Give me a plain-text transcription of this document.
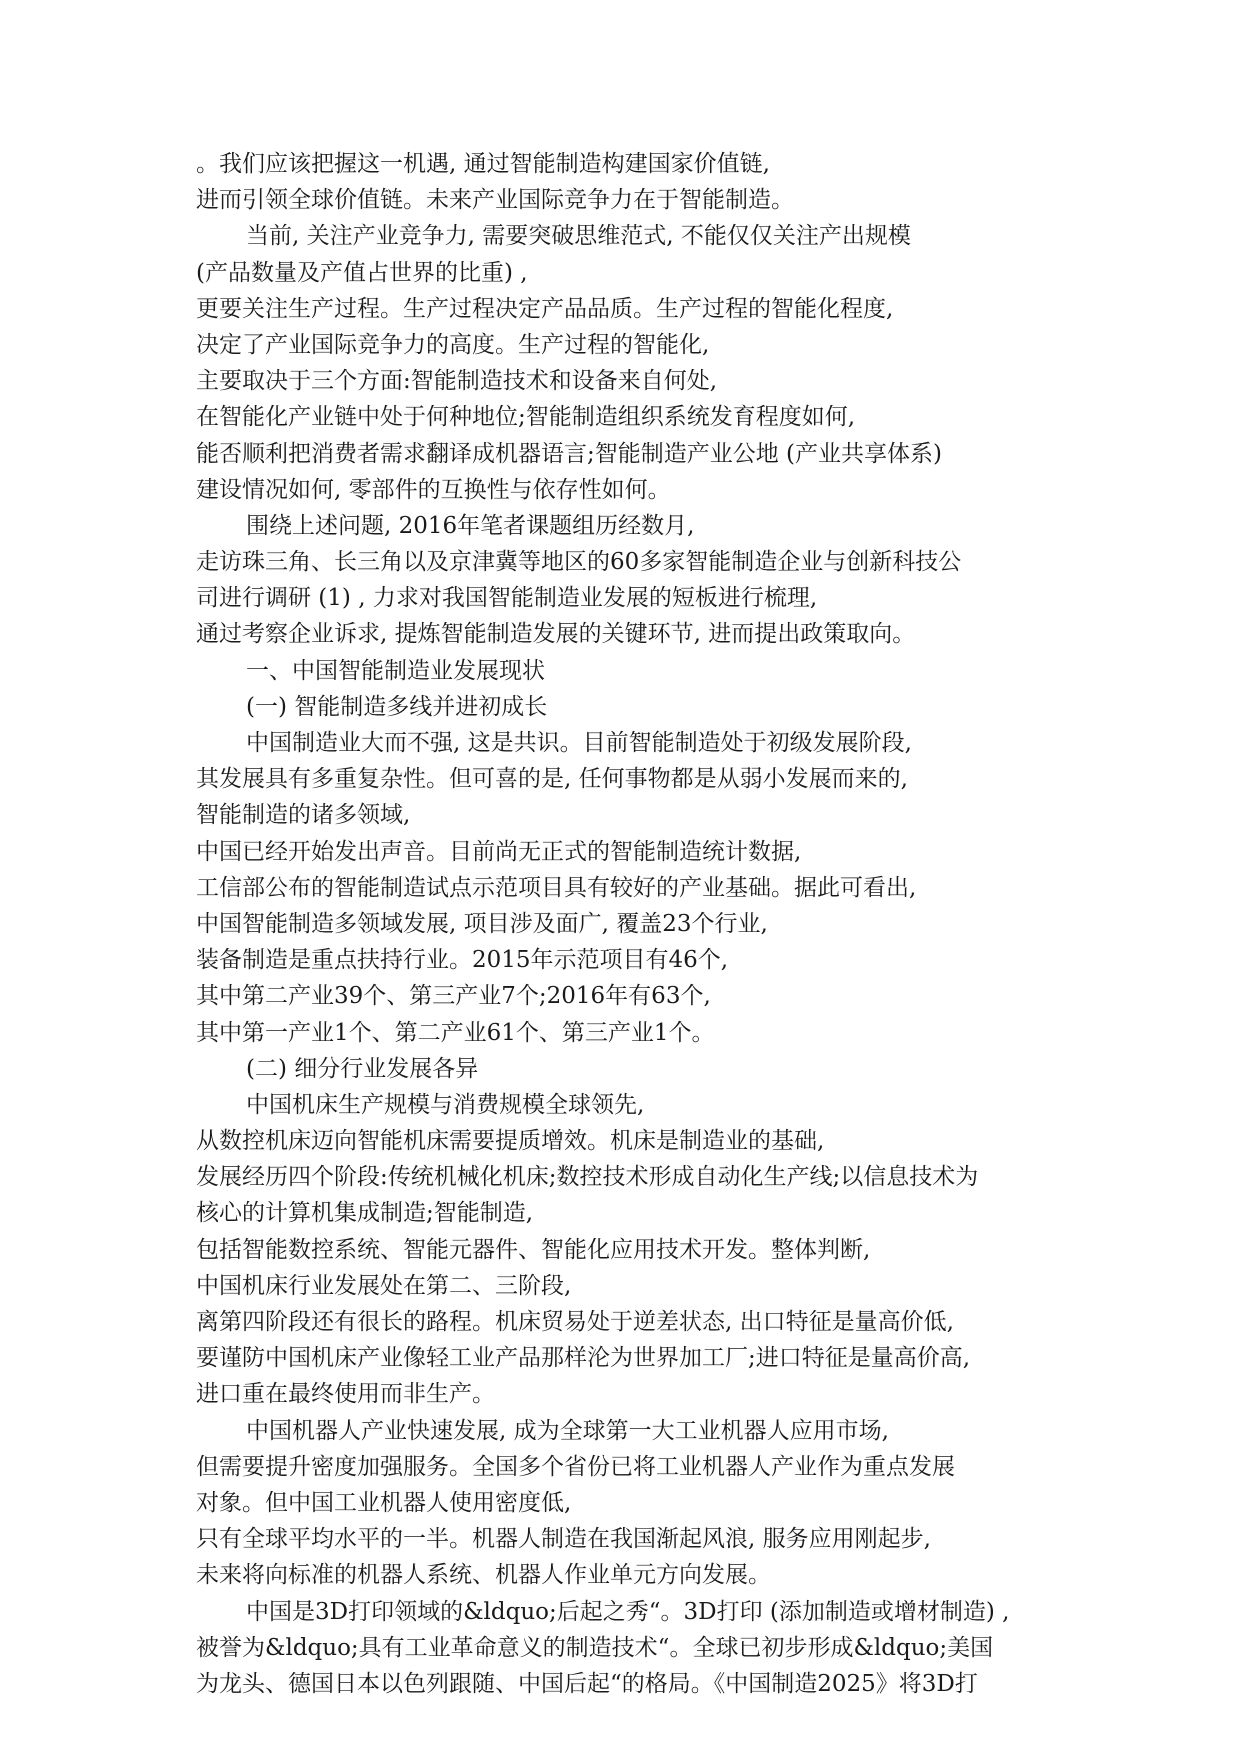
。我们应该把握这一机遇, 通过智能制造构建国家价值链,
进而引领全球价值链。未来产业国际竞争力在于智能制造。
当前, 关注产业竞争力, 需要突破思维范式, 不能仅仅关注产出规模
(产品数量及产值占世界的比重) ,
更要关注生产过程。生产过程决定产品品质。生产过程的智能化程度,
决定了产业国际竞争力的高度。生产过程的智能化,
主要取决于三个方面:智能制造技术和设备来自何处,
在智能化产业链中处于何种地位;智能制造组织系统发育程度如何,
能否顺利把消费者需求翻译成机器语言;智能制造产业公地 (产业共享体系)
建设情况如何, 零部件的互换性与依存性如何。
围绕上述问题, 2016年笔者课题组历经数月,
走访珠三角、长三角以及京津冀等地区的60多家智能制造企业与创新科技公
司进行调研 (1) , 力求对我国智能制造业发展的短板进行梳理,
通过考察企业诉求, 提炼智能制造发展的关键环节, 进而提出政策取向。
一、中国智能制造业发展现状
(一) 智能制造多线并进初成长
中国制造业大而不强, 这是共识。目前智能制造处于初级发展阶段,
其发展具有多重复杂性。但可喜的是, 任何事物都是从弱小发展而来的,
智能制造的诸多领域,
中国已经开始发出声音。目前尚无正式的智能制造统计数据,
工信部公布的智能制造试点示范项目具有较好的产业基础。据此可看出,
中国智能制造多领域发展, 项目涉及面广, 覆盖23个行业,
装备制造是重点扶持行业。2015年示范项目有46个,
其中第二产业39个、第三产业7个;2016年有63个,
其中第一产业1个、第二产业61个、第三产业1个。
(二) 细分行业发展各异
中国机床生产规模与消费规模全球领先,
从数控机床迈向智能机床需要提质增效。机床是制造业的基础,
发展经历四个阶段:传统机械化机床;数控技术形成自动化生产线;以信息技术为
核心的计算机集成制造;智能制造,
包括智能数控系统、智能元器件、智能化应用技术开发。整体判断,
中国机床行业发展处在第二、三阶段,
离第四阶段还有很长的路程。机床贸易处于逆差状态, 出口特征是量高价低,
要谨防中国机床产业像轻工业产品那样沦为世界加工厂;进口特征是量高价高,
进口重在最终使用而非生产。
中国机器人产业快速发展, 成为全球第一大工业机器人应用市场,
但需要提升密度加强服务。全国多个省份已将工业机器人产业作为重点发展
对象。但中国工业机器人使用密度低,
只有全球平均水平的一半。机器人制造在我国渐起风浪, 服务应用刚起步,
未来将向标准的机器人系统、机器人作业单元方向发展。
中国是3D打印领域的&ldquo;后起之秀“。3D打印 (添加制造或增材制造) ,
被誉为&ldquo;具有工业革命意义的制造技术“。全球已初步形成&ldquo;美国
为龙头、德国日本以色列跟随、中国后起“的格局。《中国制造2025》将3D打
